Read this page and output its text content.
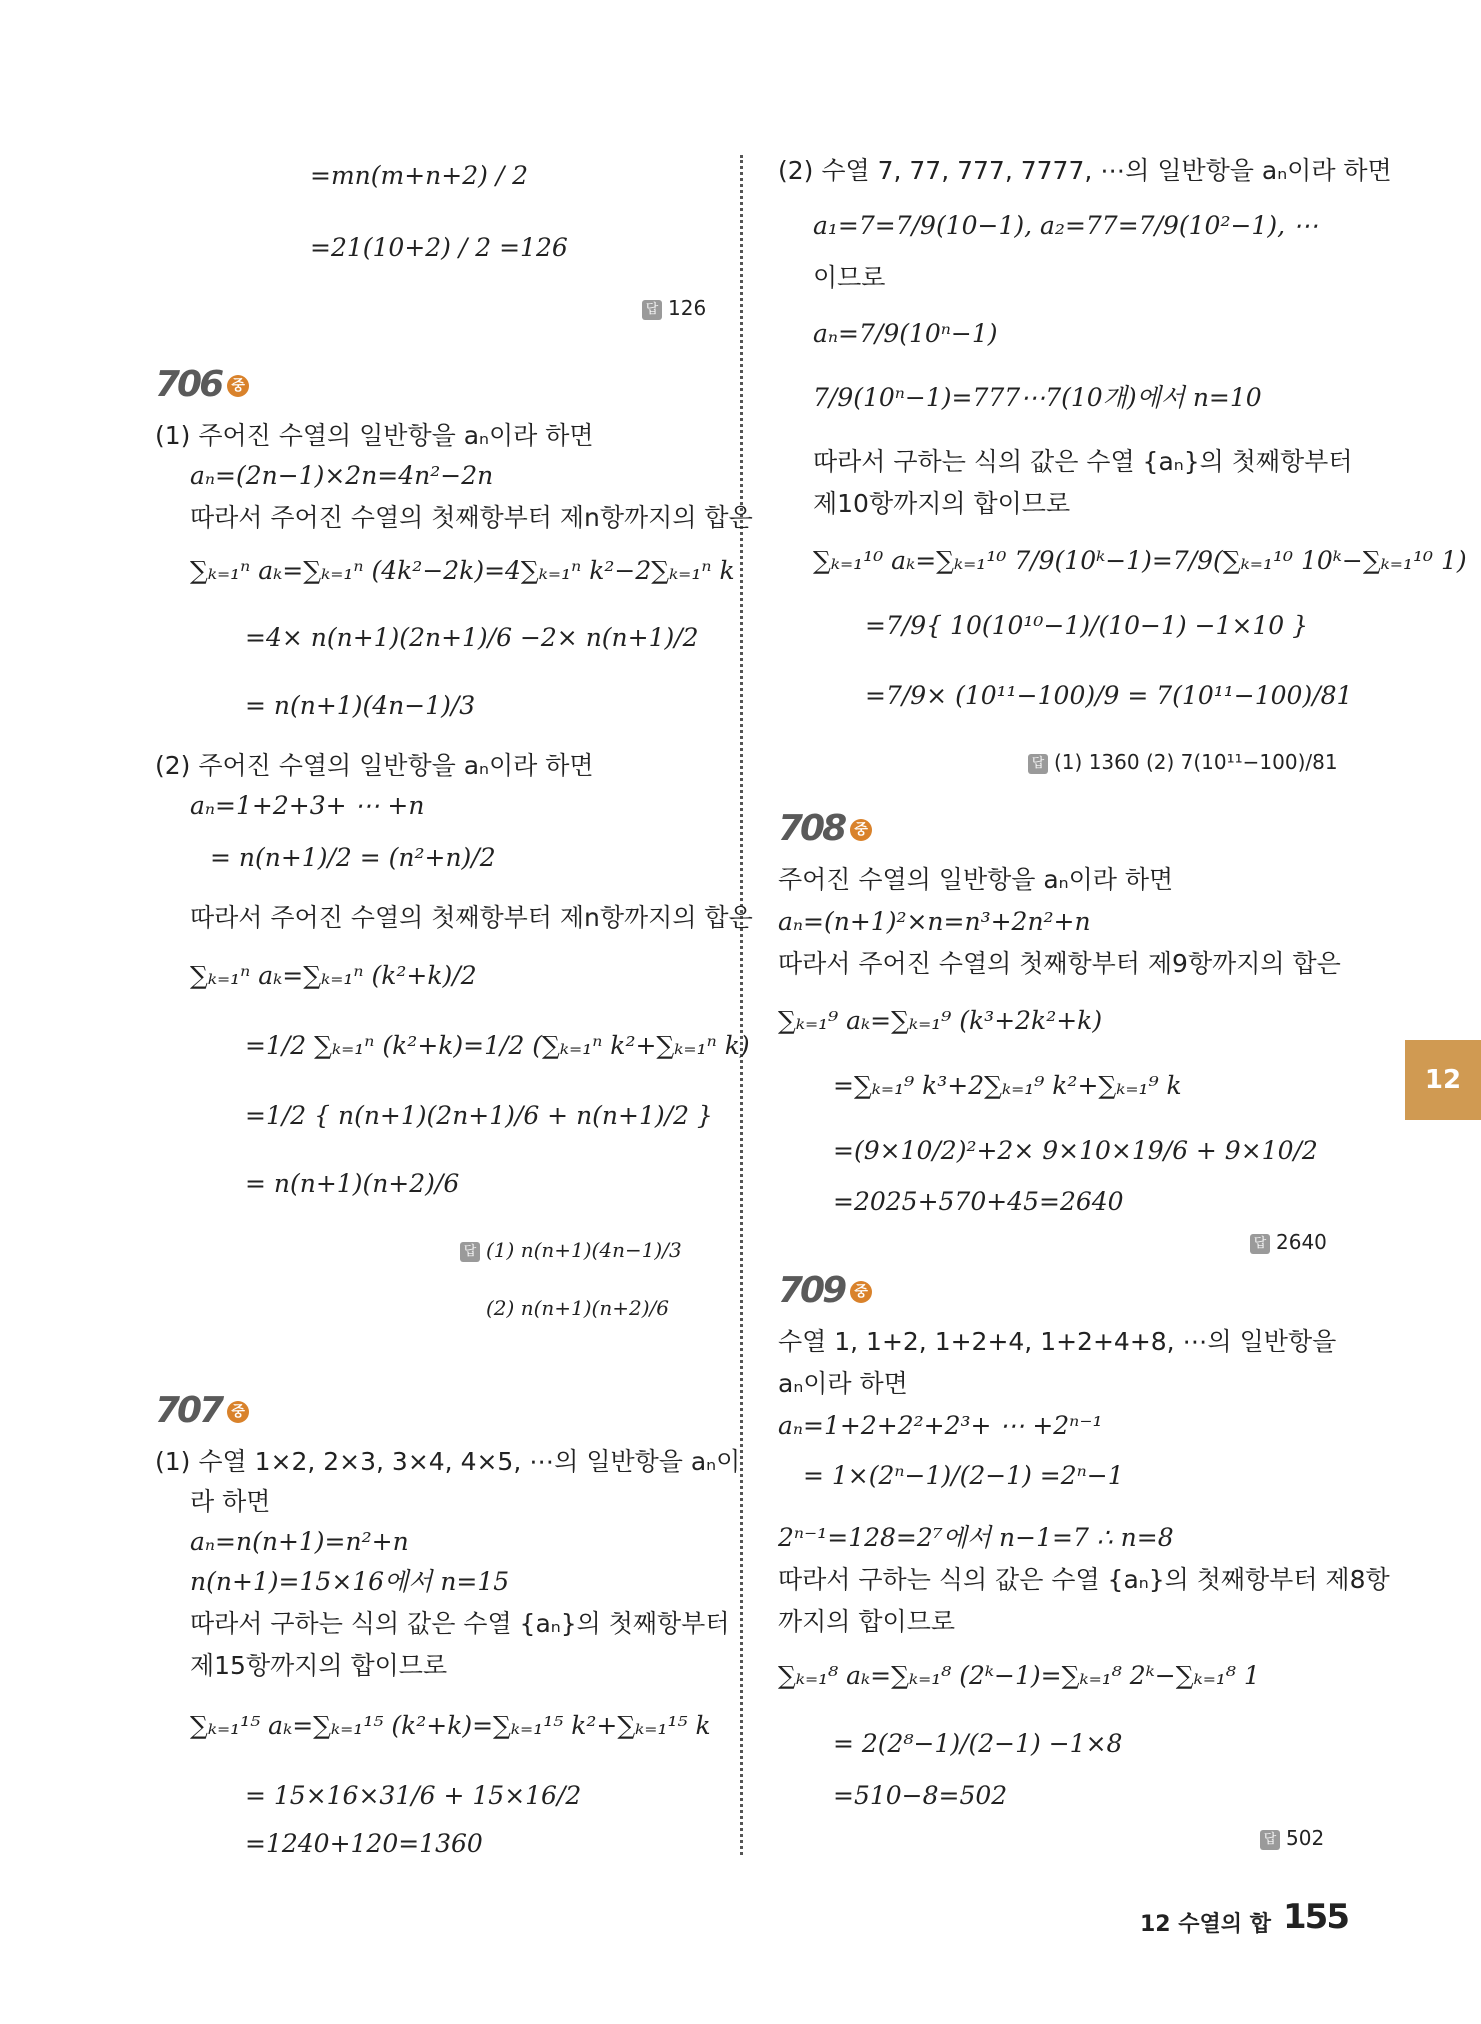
=mn(m+n+2) / 2
=21(10+2) / 2 =126
답 126
706 중
(1) 주어진 수열의 일반항을 aₙ이라 하면
aₙ=(2n−1)×2n=4n²−2n
따라서 주어진 수열의 첫째항부터 제n항까지의 합은
∑ₖ₌₁ⁿ aₖ=∑ₖ₌₁ⁿ (4k²−2k)=4∑ₖ₌₁ⁿ k²−2∑ₖ₌₁ⁿ k
=4× n(n+1)(2n+1)/6 −2× n(n+1)/2
= n(n+1)(4n−1)/3
(2) 주어진 수열의 일반항을 aₙ이라 하면
aₙ=1+2+3+ ⋯ +n
= n(n+1)/2 = (n²+n)/2
따라서 주어진 수열의 첫째항부터 제n항까지의 합은
∑ₖ₌₁ⁿ aₖ=∑ₖ₌₁ⁿ (k²+k)/2
=1/2 ∑ₖ₌₁ⁿ (k²+k)=1/2 (∑ₖ₌₁ⁿ k²+∑ₖ₌₁ⁿ k)
=1/2 { n(n+1)(2n+1)/6 + n(n+1)/2 }
= n(n+1)(n+2)/6
답 (1) n(n+1)(4n−1)/3
(2) n(n+1)(n+2)/6
707 중
(1) 수열 1×2, 2×3, 3×4, 4×5, ⋯의 일반항을 aₙ이
라 하면
aₙ=n(n+1)=n²+n
n(n+1)=15×16에서 n=15
따라서 구하는 식의 값은 수열 {aₙ}의 첫째항부터
제15항까지의 합이므로
∑ₖ₌₁¹⁵ aₖ=∑ₖ₌₁¹⁵ (k²+k)=∑ₖ₌₁¹⁵ k²+∑ₖ₌₁¹⁵ k
= 15×16×31/6 + 15×16/2
=1240+120=1360
(2) 수열 7, 77, 777, 7777, ⋯의 일반항을 aₙ이라 하면
a₁=7=7/9(10−1), a₂=77=7/9(10²−1), ⋯
이므로
aₙ=7/9(10ⁿ−1)
7/9(10ⁿ−1)=777⋯7(10개)에서 n=10
따라서 구하는 식의 값은 수열 {aₙ}의 첫째항부터
제10항까지의 합이므로
∑ₖ₌₁¹⁰ aₖ=∑ₖ₌₁¹⁰ 7/9(10ᵏ−1)=7/9(∑ₖ₌₁¹⁰ 10ᵏ−∑ₖ₌₁¹⁰ 1)
=7/9{ 10(10¹⁰−1)/(10−1) −1×10 }
=7/9× (10¹¹−100)/9 = 7(10¹¹−100)/81
답 (1) 1360 (2) 7(10¹¹−100)/81
708 중
주어진 수열의 일반항을 aₙ이라 하면
aₙ=(n+1)²×n=n³+2n²+n
따라서 주어진 수열의 첫째항부터 제9항까지의 합은
∑ₖ₌₁⁹ aₖ=∑ₖ₌₁⁹ (k³+2k²+k)
=∑ₖ₌₁⁹ k³+2∑ₖ₌₁⁹ k²+∑ₖ₌₁⁹ k
=(9×10/2)²+2× 9×10×19/6 + 9×10/2
=2025+570+45=2640
답 2640
709 중
수열 1, 1+2, 1+2+4, 1+2+4+8, ⋯의 일반항을
aₙ이라 하면
aₙ=1+2+2²+2³+ ⋯ +2ⁿ⁻¹
= 1×(2ⁿ−1)/(2−1) =2ⁿ−1
2ⁿ⁻¹=128=2⁷에서 n−1=7 ∴ n=8
따라서 구하는 식의 값은 수열 {aₙ}의 첫째항부터 제8항
까지의 합이므로
∑ₖ₌₁⁸ aₖ=∑ₖ₌₁⁸ (2ᵏ−1)=∑ₖ₌₁⁸ 2ᵏ−∑ₖ₌₁⁸ 1
= 2(2⁸−1)/(2−1) −1×8
=510−8=502
답 502
12
12 수열의 합 155
